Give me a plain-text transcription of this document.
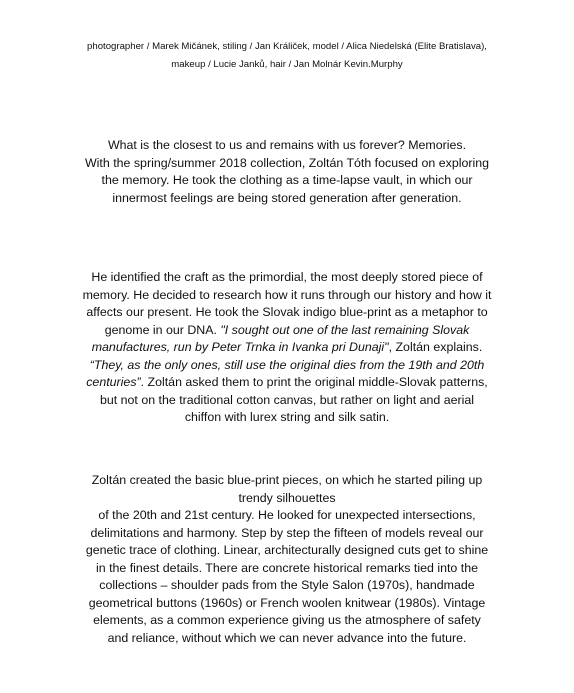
photographer / Marek Mičánek, stiling / Jan Králiček, model / Alica Niedelská (Elite Bratislava),
makeup / Lucie Janků, hair / Jan Molnár Kevin.Murphy
What is the closest to us and remains with us forever? Memories.
With the spring/summer 2018 collection, Zoltán Tóth focused on exploring
the memory. He took the clothing as a time-lapse vault, in which our
innermost feelings are being stored generation after generation.
He identified the craft as the primordial, the most deeply stored piece of
memory. He decided to research how it runs through our history and how it
affects our present. He took the Slovak indigo blue-print as a metaphor to
genome in our DNA. "I sought out one of the last remaining Slovak
manufactures, run by Peter Trnka in Ivanka pri Dunaji", Zoltán explains.
“They, as the only ones, still use the original dies from the 19th and 20th
centuries”. Zoltán asked them to print the original middle-Slovak patterns,
but not on the traditional cotton canvas, but rather on light and aerial
chiffon with lurex string and silk satin.
Zoltán created the basic blue-print pieces, on which he started piling up
trendy silhouettes
of the 20th and 21st century. He looked for unexpected intersections,
delimitations and harmony. Step by step the fifteen of models reveal our
genetic trace of clothing. Linear, architecturally designed cuts get to shine
in the finest details. There are concrete historical remarks tied into the
collections – shoulder pads from the Style Salon (1970s), handmade
geometrical buttons (1960s) or French woolen knitwear (1980s). Vintage
elements, as a common experience giving us the atmosphere of safety
and reliance, without which we can never advance into the future.
